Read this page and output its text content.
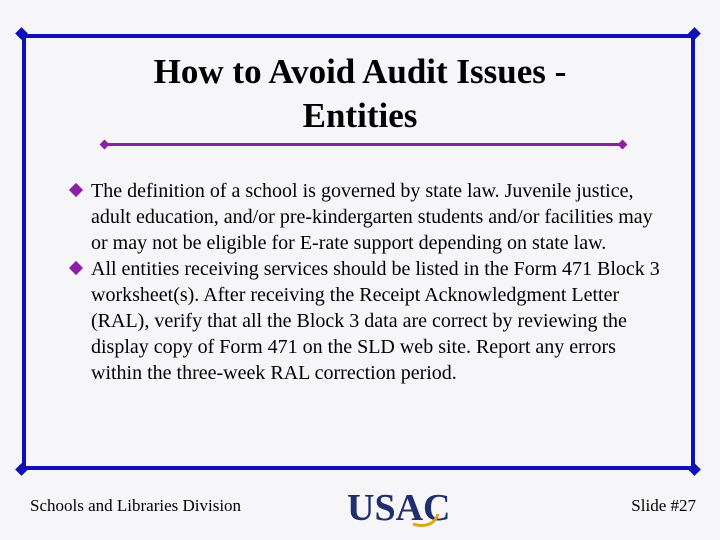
How to Avoid Audit Issues -
Entities
The definition of a school is governed by state law. Juvenile justice, adult education, and/or pre-kindergarten students and/or facilities may or may not be eligible for E-rate support depending on state law.
All entities receiving services should be listed in the Form 471 Block 3 worksheet(s). After receiving the Receipt Acknowledgment Letter (RAL), verify that all the Block 3 data are correct by reviewing the display copy of Form 471 on the SLD web site. Report any errors within the three-week RAL correction period.
Schools and Libraries Division	USAC	Slide #27
